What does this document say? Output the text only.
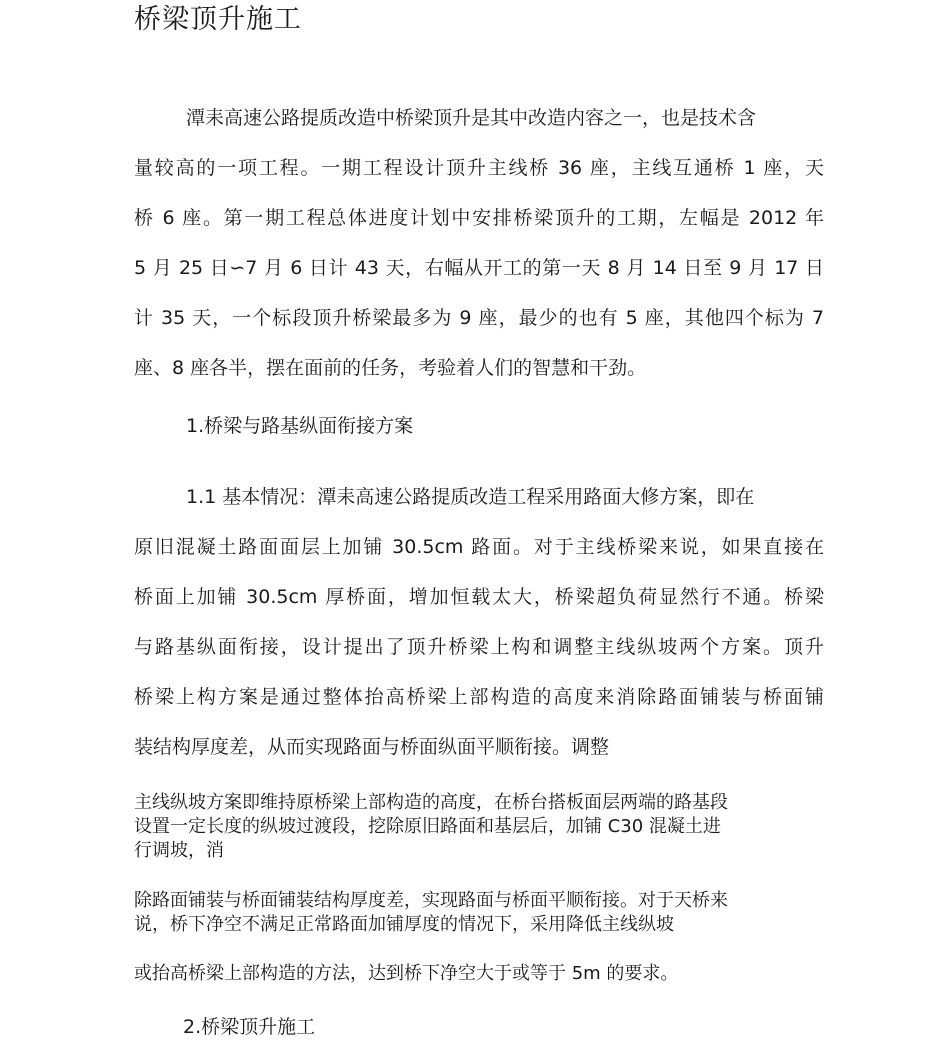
桥梁顶升施工

潭耒高速公路提质改造中桥梁顶升是其中改造内容之一，也是技术含

量较高的一项工程。一期工程设计顶升主线桥 36 座，主线互通桥 1 座，天

桥 6 座。第一期工程总体进度计划中安排桥梁顶升的工期，左幅是 2012 年

5 月 25 日∽7 月 6 日计 43 天，右幅从开工的第一天 8 月 14 日至 9 月 17 日

计 35 天，一个标段顶升桥梁最多为 9 座，最少的也有 5 座，其他四个标为 7

座、8 座各半，摆在面前的任务，考验着人们的智慧和干劲。

1.桥梁与路基纵面衔接方案

1.1 基本情况：潭耒高速公路提质改造工程采用路面大修方案，即在

原旧混凝土路面面层上加铺 30.5cm 路面。对于主线桥梁来说，如果直接在

桥面上加铺 30.5cm 厚桥面，增加恒载太大，桥梁超负荷显然行不通。桥梁

与路基纵面衔接，设计提出了顶升桥梁上构和调整主线纵坡两个方案。顶升

桥梁上构方案是通过整体抬高桥梁上部构造的高度来消除路面铺装与桥面铺

装结构厚度差，从而实现路面与桥面纵面平顺衔接。调整

主线纵坡方案即维持原桥梁上部构造的高度，在桥台搭板面层两端的路基段

设置一定长度的纵坡过渡段，挖除原旧路面和基层后，加铺 C30 混凝土进

行调坡，消

除路面铺装与桥面铺装结构厚度差，实现路面与桥面平顺衔接。对于天桥来

说，桥下净空不满足正常路面加铺厚度的情况下，采用降低主线纵坡

或抬高桥梁上部构造的方法，达到桥下净空大于或等于 5m 的要求。

2.桥梁顶升施工
